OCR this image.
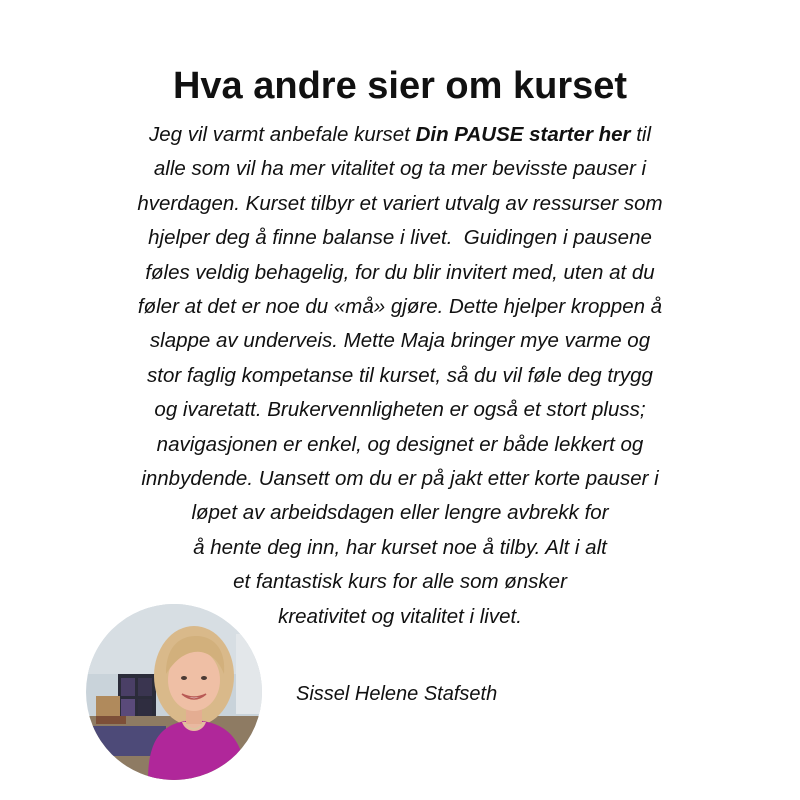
Hva andre sier om kurset
Jeg vil varmt anbefale kurset Din PAUSE starter her til
alle som vil ha mer vitalitet og ta mer bevisste pauser i
hverdagen. Kurset tilbyr et variert utvalg av ressurser som
hjelper deg å finne balanse i livet.  Guidingen i pausene
føles veldig behagelig, for du blir invitert med, uten at du
føler at det er noe du «må» gjøre. Dette hjelper kroppen å
slappe av underveis. Mette Maja bringer mye varme og
stor faglig kompetanse til kurset, så du vil føle deg trygg
og ivaretatt. Brukervennligheten er også et stort pluss;
navigasjonen er enkel, og designet er både lekkert og
innbydende. Uansett om du er på jakt etter korte pauser i
løpet av arbeidsdagen eller lengre avbrekk for
å hente deg inn, har kurset noe å tilby. Alt i alt
et fantastisk kurs for alle som ønsker
kreativitet og vitalitet i livet.
Sissel Helene Stafseth
